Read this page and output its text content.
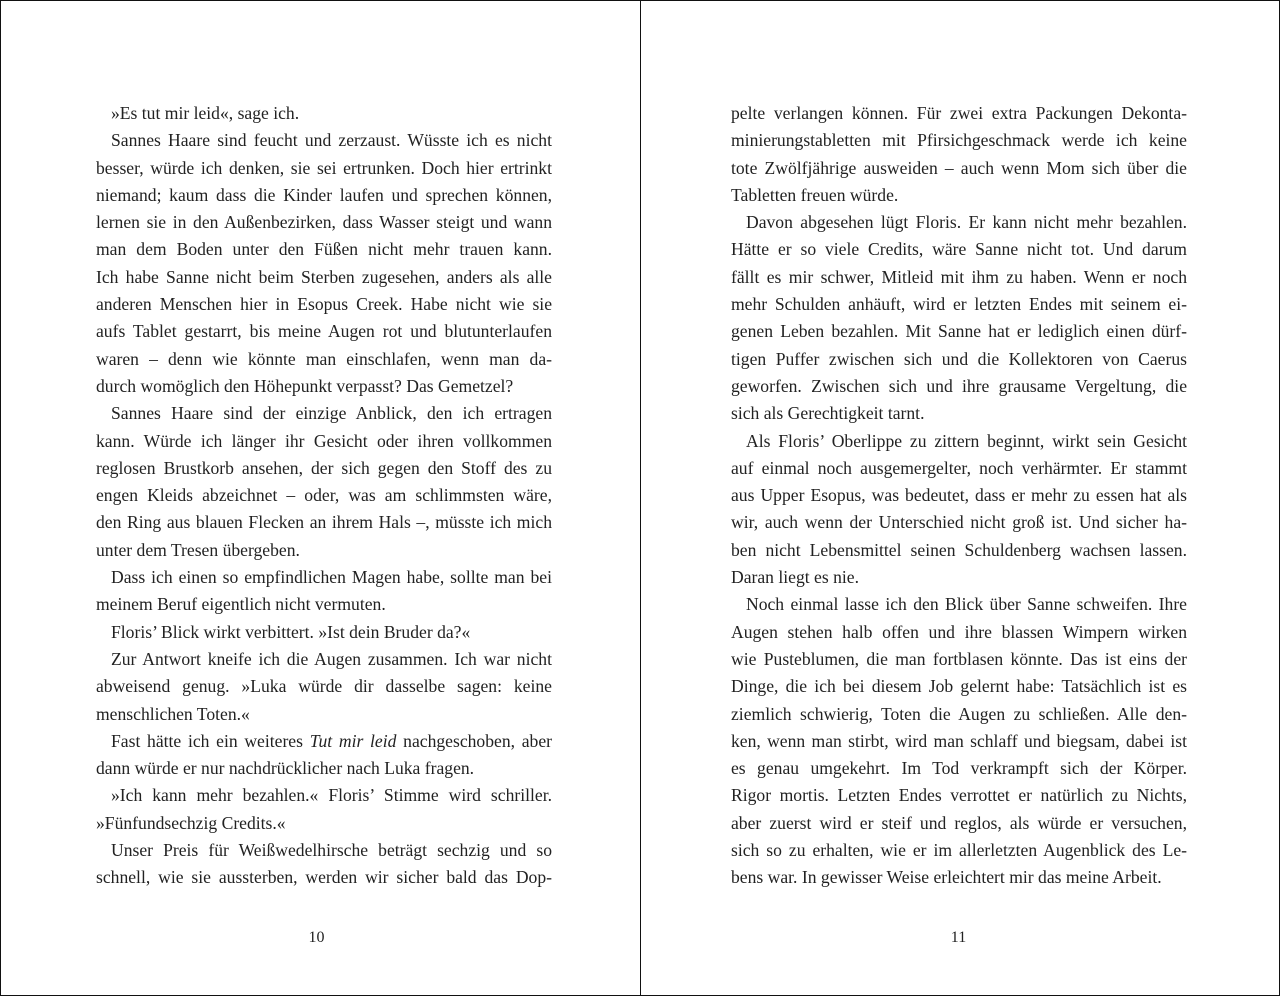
»Es tut mir leid«, sage ich.
Sannes Haare sind feucht und zerzaust. Wüsste ich es nicht
besser, würde ich denken, sie sei ertrunken. Doch hier ertrinkt
niemand; kaum dass die Kinder laufen und sprechen können,
lernen sie in den Außenbezirken, dass Wasser steigt und wann
man dem Boden unter den Füßen nicht mehr trauen kann.
Ich habe Sanne nicht beim Sterben zugesehen, anders als alle
anderen Menschen hier in Esopus Creek. Habe nicht wie sie
aufs Tablet gestarrt, bis meine Augen rot und blutunterlaufen
waren – denn wie könnte man einschlafen, wenn man da-
durch womöglich den Höhepunkt verpasst? Das Gemetzel?
Sannes Haare sind der einzige Anblick, den ich ertragen
kann. Würde ich länger ihr Gesicht oder ihren vollkommen
reglosen Brustkorb ansehen, der sich gegen den Stoff des zu
engen Kleids abzeichnet – oder, was am schlimmsten wäre,
den Ring aus blauen Flecken an ihrem Hals –, müsste ich mich
unter dem Tresen übergeben.
Dass ich einen so empfindlichen Magen habe, sollte man bei
meinem Beruf eigentlich nicht vermuten.
Floris’ Blick wirkt verbittert. »Ist dein Bruder da?«
Zur Antwort kneife ich die Augen zusammen. Ich war nicht
abweisend genug. »Luka würde dir dasselbe sagen: keine
menschlichen Toten.«
Fast hätte ich ein weiteres Tut mir leid nachgeschoben, aber
dann würde er nur nachdrücklicher nach Luka fragen.
»Ich kann mehr bezahlen.« Floris’ Stimme wird schriller.
»Fünfundsechzig Credits.«
Unser Preis für Weißwedelhirsche beträgt sechzig und so
schnell, wie sie aussterben, werden wir sicher bald das Dop-
10
pelte verlangen können. Für zwei extra Packungen Dekonta-
minierungstabletten mit Pfirsichgeschmack werde ich keine
tote Zwölfjährige ausweiden – auch wenn Mom sich über die
Tabletten freuen würde.
Davon abgesehen lügt Floris. Er kann nicht mehr bezahlen.
Hätte er so viele Credits, wäre Sanne nicht tot. Und darum
fällt es mir schwer, Mitleid mit ihm zu haben. Wenn er noch
mehr Schulden anhäuft, wird er letzten Endes mit seinem ei-
genen Leben bezahlen. Mit Sanne hat er lediglich einen dürf-
tigen Puffer zwischen sich und die Kollektoren von Caerus
geworfen. Zwischen sich und ihre grausame Vergeltung, die
sich als Gerechtigkeit tarnt.
Als Floris’ Oberlippe zu zittern beginnt, wirkt sein Gesicht
auf einmal noch ausgemergelter, noch verhärmter. Er stammt
aus Upper Esopus, was bedeutet, dass er mehr zu essen hat als
wir, auch wenn der Unterschied nicht groß ist. Und sicher ha-
ben nicht Lebensmittel seinen Schuldenberg wachsen lassen.
Daran liegt es nie.
Noch einmal lasse ich den Blick über Sanne schweifen. Ihre
Augen stehen halb offen und ihre blassen Wimpern wirken
wie Pusteblumen, die man fortblasen könnte. Das ist eins der
Dinge, die ich bei diesem Job gelernt habe: Tatsächlich ist es
ziemlich schwierig, Toten die Augen zu schließen. Alle den-
ken, wenn man stirbt, wird man schlaff und biegsam, dabei ist
es genau umgekehrt. Im Tod verkrampft sich der Körper.
Rigor mortis. Letzten Endes verrottet er natürlich zu Nichts,
aber zuerst wird er steif und reglos, als würde er versuchen,
sich so zu erhalten, wie er im allerletzten Augenblick des Le-
bens war. In gewisser Weise erleichtert mir das meine Arbeit.
11
